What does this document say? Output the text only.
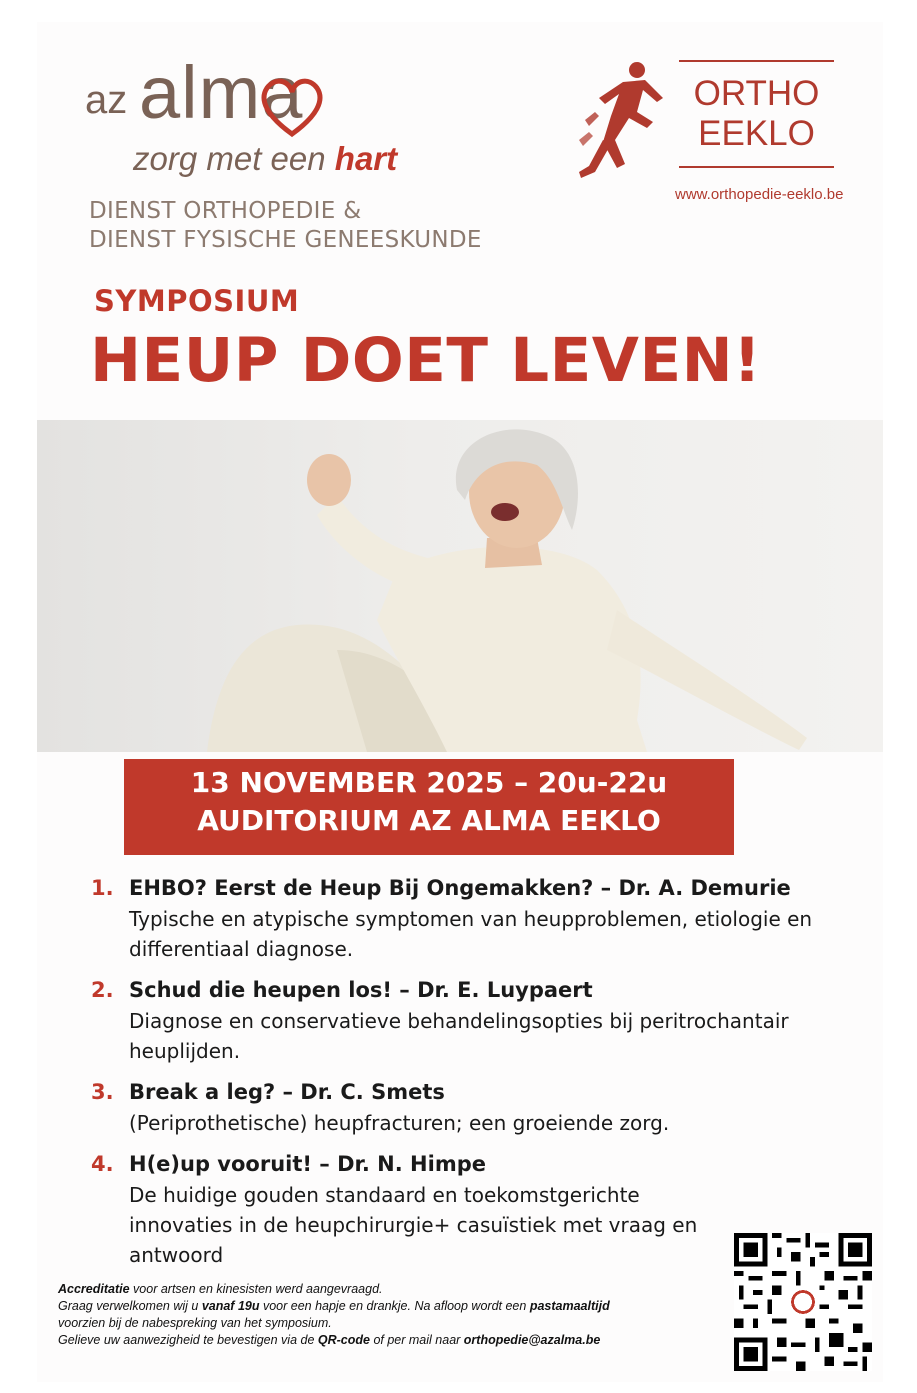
az alma
zorg met een hart
DIENST ORTHOPEDIE &
DIENST FYSISCHE GENEESKUNDE
ORTHO
EEKLO
www.orthopedie-eeklo.be
SYMPOSIUM
HEUP DOET LEVEN!
13 NOVEMBER 2025 – 20u-22u
AUDITORIUM AZ ALMA EEKLO
1. EHBO? Eerst de Heup Bij Ongemakken? – Dr. A. Demurie
Typische en atypische symptomen van heupproblemen, etiologie en differentiaal diagnose.
2. Schud die heupen los! – Dr. E. Luypaert
Diagnose en conservatieve behandelingsopties bij peritrochantair heuplijden.
3. Break a leg? – Dr. C. Smets
(Periprothetische) heupfracturen; een groeiende zorg.
4. H(e)up vooruit! – Dr. N. Himpe
De huidige gouden standaard en toekomstgerichte innovaties in de heupchirurgie+ casuïstiek met vraag en antwoord
Accreditatie voor artsen en kinesisten werd aangevraagd.
Graag verwelkomen wij u vanaf 19u voor een hapje en drankje. Na afloop wordt een pastamaaltijd
voorzien bij de nabespreking van het symposium.
Gelieve uw aanwezigheid te bevestigen via de QR-code of per mail naar orthopedie@azalma.be
